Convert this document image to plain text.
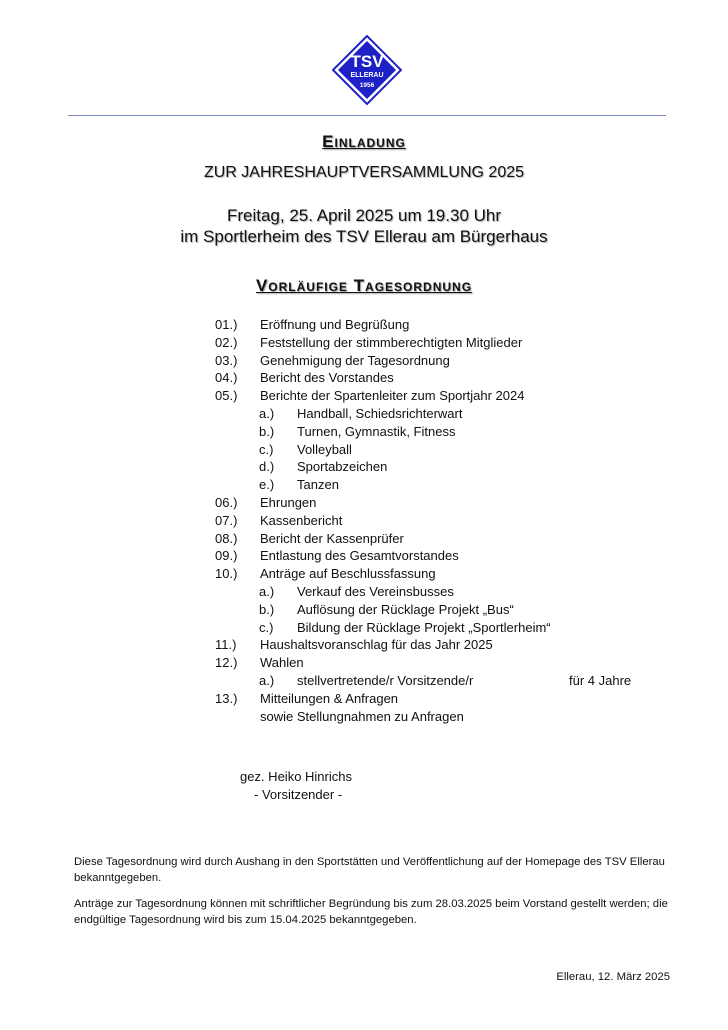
TSV
ELLERAU
1956
Einladung
ZUR JAHRESHAUPTVERSAMMLUNG 2025
Freitag, 25. April 2025 um 19.30 Uhr
im Sportlerheim des TSV Ellerau am Bürgerhaus
Vorläufige Tagesordnung
01.) Eröffnung und Begrüßung
02.) Feststellung der stimmberechtigten Mitglieder
03.) Genehmigung der Tagesordnung
04.) Bericht des Vorstandes
05.) Berichte der Spartenleiter zum Sportjahr 2024
a.) Handball, Schiedsrichterwart
b.) Turnen, Gymnastik, Fitness
c.) Volleyball
d.) Sportabzeichen
e.) Tanzen
06.) Ehrungen
07.) Kassenbericht
08.) Bericht der Kassenprüfer
09.) Entlastung des Gesamtvorstandes
10.) Anträge auf Beschlussfassung
a.) Verkauf des Vereinsbusses
b.) Auflösung der Rücklage Projekt „Bus“
c.) Bildung der Rücklage Projekt „Sportlerheim“
11.) Haushaltsvoranschlag für das Jahr 2025
12.) Wahlen
a.) stellvertretende/r Vorsitzende/r	für 4 Jahre
13.) Mitteilungen & Anfragen
sowie Stellungnahmen zu Anfragen
gez. Heiko Hinrichs
- Vorsitzender -
Diese Tagesordnung wird durch Aushang in den Sportstätten und Veröffentlichung auf der Homepage des TSV Ellerau bekanntgegeben.
Anträge zur Tagesordnung können mit schriftlicher Begründung bis zum 28.03.2025 beim Vorstand gestellt werden; die endgültige Tagesordnung wird bis zum 15.04.2025 bekanntgegeben.
Ellerau, 12. März 2025
